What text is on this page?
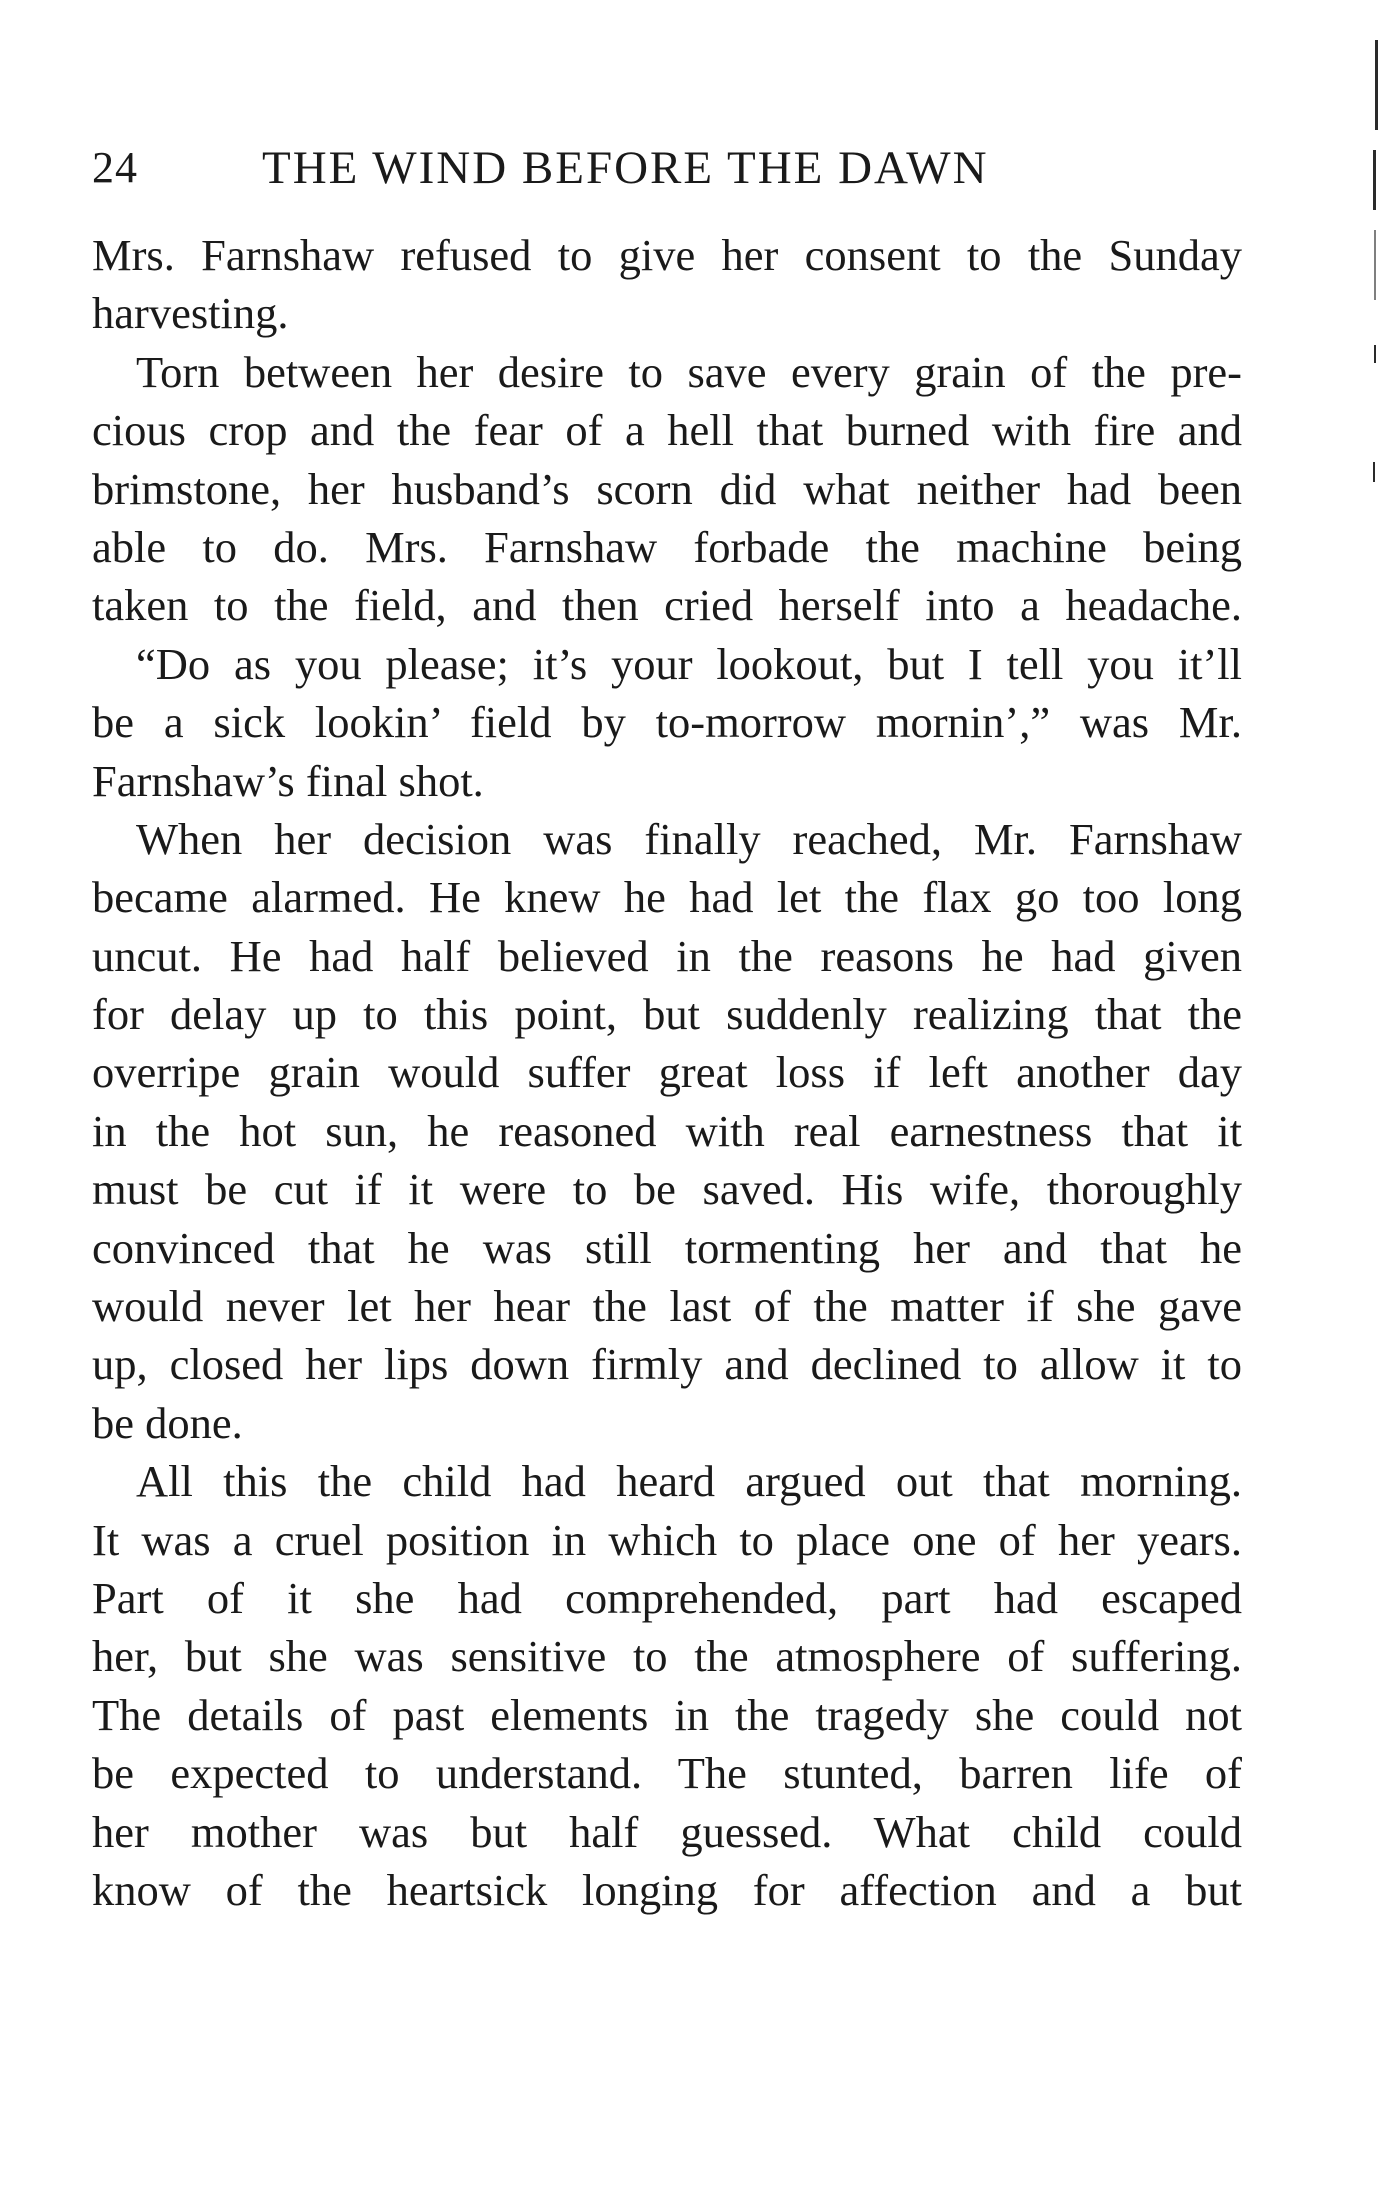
24	THE WIND BEFORE THE DAWN
Mrs. Farnshaw refused to give her consent to the Sunday
harvesting.
Torn between her desire to save every grain of the pre-
cious crop and the fear of a hell that burned with fire and
brimstone, her husband’s scorn did what neither had been
able to do. Mrs. Farnshaw forbade the machine being
taken to the field, and then cried herself into a headache.
“Do as you please; it’s your lookout, but I tell you it’ll
be a sick lookin’ field by to-morrow mornin’,” was Mr.
Farnshaw’s final shot.
When her decision was finally reached, Mr. Farnshaw
became alarmed. He knew he had let the flax go too long
uncut. He had half believed in the reasons he had given
for delay up to this point, but suddenly realizing that the
overripe grain would suffer great loss if left another day
in the hot sun, he reasoned with real earnestness that it
must be cut if it were to be saved. His wife, thoroughly
convinced that he was still tormenting her and that he
would never let her hear the last of the matter if she gave
up, closed her lips down firmly and declined to allow it to
be done.
All this the child had heard argued out that morning.
It was a cruel position in which to place one of her years.
Part of it she had comprehended, part had escaped
her, but she was sensitive to the atmosphere of suffering.
The details of past elements in the tragedy she could not
be expected to understand. The stunted, barren life of
her mother was but half guessed. What child could
know of the heartsick longing for affection and a but
